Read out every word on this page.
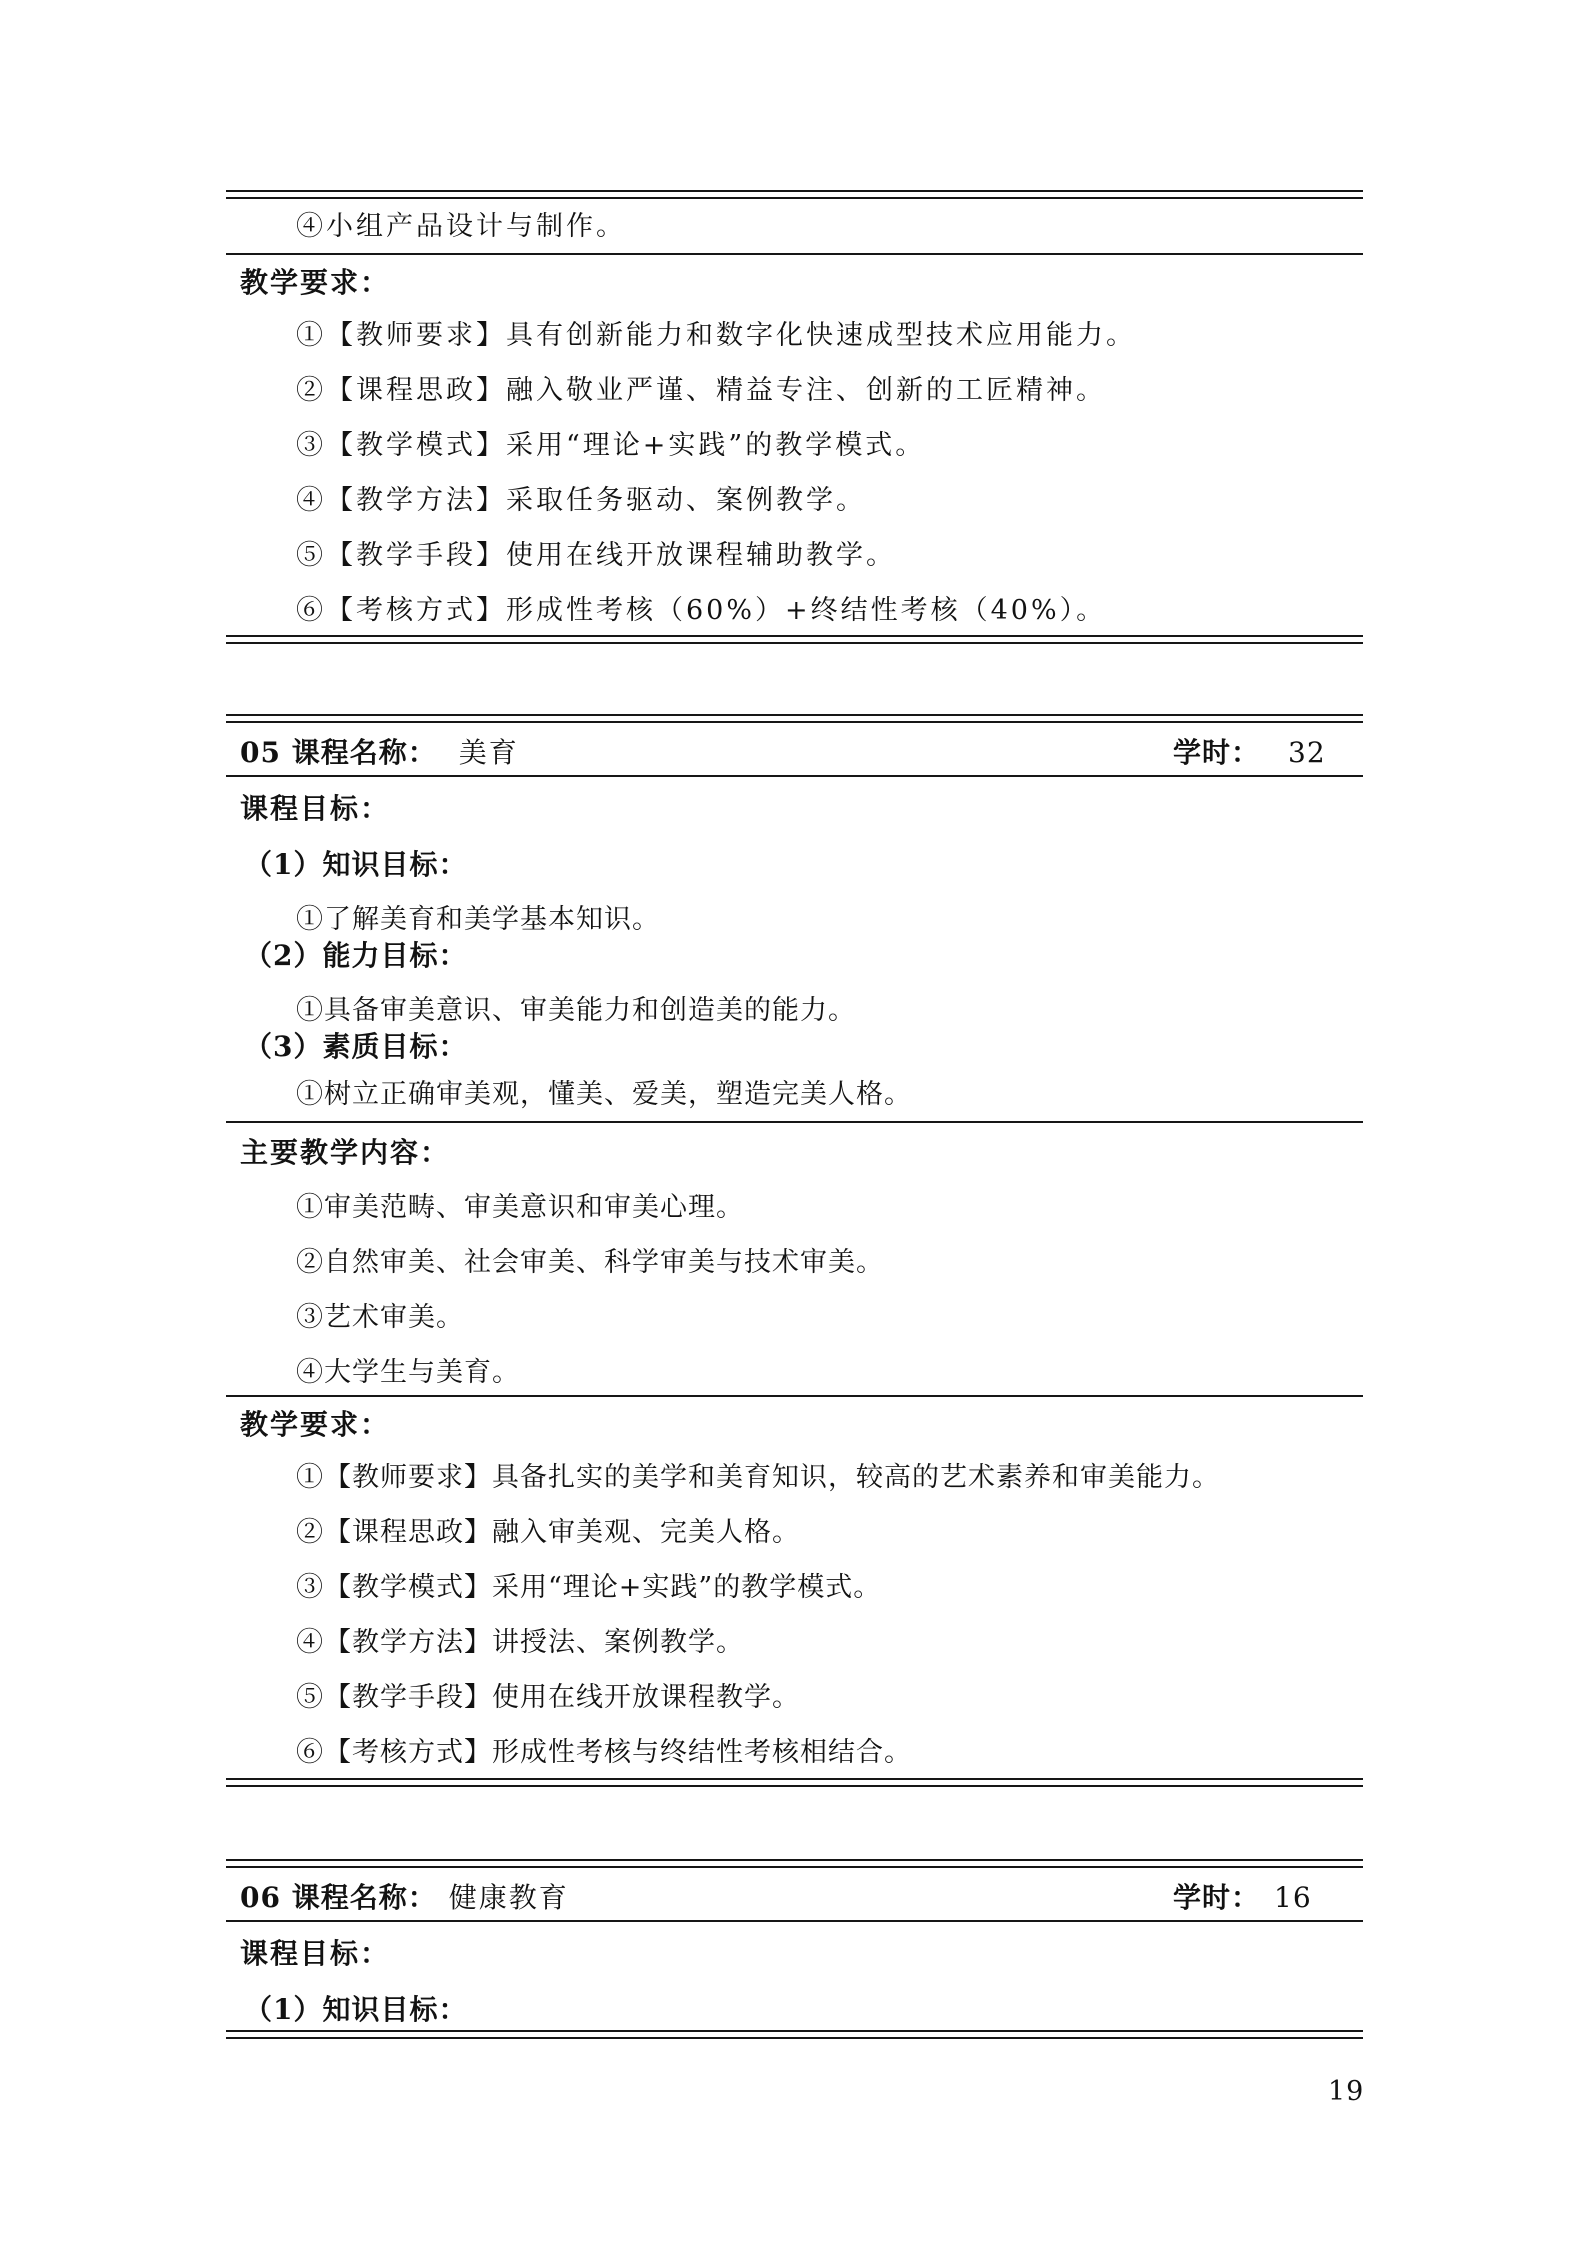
④小组产品设计与制作。
教学要求：
①【教师要求】具有创新能力和数字化快速成型技术应用能力。
②【课程思政】融入敬业严谨、精益专注、创新的工匠精神。
③【教学模式】采用“理论+实践”的教学模式。
④【教学方法】采取任务驱动、案例教学。
⑤【教学手段】使用在线开放课程辅助教学。
⑥【考核方式】形成性考核（60%）+终结性考核（40%）。
05 课程名称： 美育	学时： 32
课程目标：
（1）知识目标：
①了解美育和美学基本知识。
（2）能力目标：
①具备审美意识、审美能力和创造美的能力。
（3）素质目标：
①树立正确审美观，懂美、爱美，塑造完美人格。
主要教学内容：
①审美范畴、审美意识和审美心理。
②自然审美、社会审美、科学审美与技术审美。
③艺术审美。
④大学生与美育。
教学要求：
①【教师要求】具备扎实的美学和美育知识，较高的艺术素养和审美能力。
②【课程思政】融入审美观、完美人格。
③【教学模式】采用“理论+实践”的教学模式。
④【教学方法】讲授法、案例教学。
⑤【教学手段】使用在线开放课程教学。
⑥【考核方式】形成性考核与终结性考核相结合。
06 课程名称： 健康教育	学时： 16
课程目标：
（1）知识目标：
19
